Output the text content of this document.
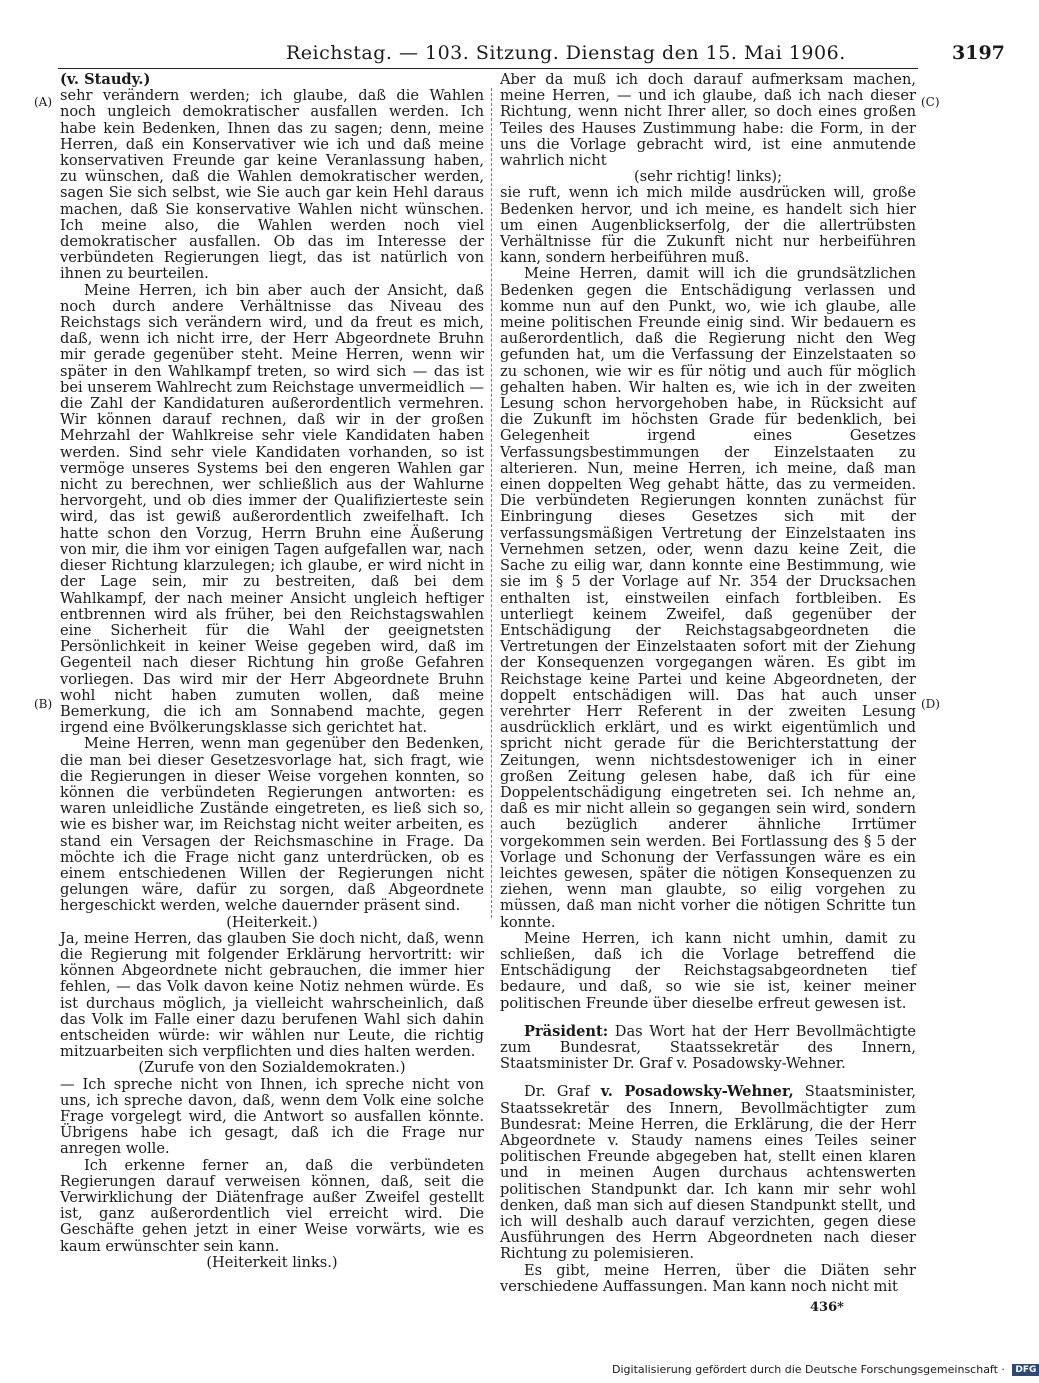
Reichstag. — 103. Sitzung. Dienstag den 15. Mai 1906.	3197
(A)
(B)
(C)
(D)

(v. Staudy.)

sehr verändern werden; ich glaube, daß die Wahlen noch ungleich demokratischer ausfallen werden. Ich habe kein Bedenken, Ihnen das zu sagen; denn, meine Herren, daß ein Konservativer wie ich und daß meine konservativen Freunde gar keine Veranlassung haben, zu wünschen, daß die Wahlen demokratischer werden, sagen Sie sich selbst, wie Sie auch gar kein Hehl daraus machen, daß Sie konservative Wahlen nicht wünschen. Ich meine also, die Wahlen werden noch viel demokratischer ausfallen. Ob das im Interesse der verbündeten Regierungen liegt, das ist natürlich von ihnen zu beurteilen.

Meine Herren, ich bin aber auch der Ansicht, daß noch durch andere Verhältnisse das Niveau des Reichstags sich verändern wird, und da freut es mich, daß, wenn ich nicht irre, der Herr Abgeordnete Bruhn mir gerade gegenüber steht. Meine Herren, wenn wir später in den Wahlkampf treten, so wird sich — das ist bei unserem Wahlrecht zum Reichstage unvermeidlich — die Zahl der Kandidaturen außerordentlich vermehren. Wir können darauf rechnen, daß wir in der großen Mehrzahl der Wahlkreise sehr viele Kandidaten haben werden. Sind sehr viele Kandidaten vorhanden, so ist vermöge unseres Systems bei den engeren Wahlen gar nicht zu berechnen, wer schließlich aus der Wahlurne hervorgeht, und ob dies immer der Qualifizierteste sein wird, das ist gewiß außerordentlich zweifelhaft. Ich hatte schon den Vorzug, Herrn Bruhn eine Äußerung von mir, die ihm vor einigen Tagen aufgefallen war, nach dieser Richtung klarzulegen; ich glaube, er wird nicht in der Lage sein, mir zu bestreiten, daß bei dem Wahlkampf, der nach meiner Ansicht ungleich heftiger entbrennen wird als früher, bei den Reichstagswahlen eine Sicherheit für die Wahl der geeignetsten Persönlichkeit in keiner Weise gegeben wird, daß im Gegenteil nach dieser Richtung hin große Gefahren vorliegen. Das wird mir der Herr Abgeordnete Bruhn wohl nicht haben zumuten wollen, daß meine Bemerkung, die ich am Sonnabend machte, gegen irgend eine Bvölkerungsklasse sich gerichtet hat.

Meine Herren, wenn man gegenüber den Bedenken, die man bei dieser Gesetzesvorlage hat, sich fragt, wie die Regierungen in dieser Weise vorgehen konnten, so können die verbündeten Regierungen antworten: es waren unleidliche Zustände eingetreten, es ließ sich so, wie es bisher war, im Reichstag nicht weiter arbeiten, es stand ein Versagen der Reichsmaschine in Frage. Da möchte ich die Frage nicht ganz unterdrücken, ob es einem entschiedenen Willen der Regierungen nicht gelungen wäre, dafür zu sorgen, daß Abgeordnete hergeschickt werden, welche dauernder präsent sind.

(Heiterkeit.)

Ja, meine Herren, das glauben Sie doch nicht, daß, wenn die Regierung mit folgender Erklärung hervortritt: wir können Abgeordnete nicht gebrauchen, die immer hier fehlen, — das Volk davon keine Notiz nehmen würde. Es ist durchaus möglich, ja vielleicht wahrscheinlich, daß das Volk im Falle einer dazu berufenen Wahl sich dahin entscheiden würde: wir wählen nur Leute, die richtig mitzuarbeiten sich verpflichten und dies halten werden.

(Zurufe von den Sozialdemokraten.)

— Ich spreche nicht von Ihnen, ich spreche nicht von uns, ich spreche davon, daß, wenn dem Volk eine solche Frage vorgelegt wird, die Antwort so ausfallen könnte. Übrigens habe ich gesagt, daß ich die Frage nur anregen wolle.

Ich erkenne ferner an, daß die verbündeten Regierungen darauf verweisen können, daß, seit die Verwirklichung der Diätenfrage außer Zweifel gestellt ist, ganz außerordentlich viel erreicht wird. Die Geschäfte gehen jetzt in einer Weise vorwärts, wie es kaum erwünschter sein kann.

(Heiterkeit links.)

Aber da muß ich doch darauf aufmerksam machen, meine Herren, — und ich glaube, daß ich nach dieser Richtung, wenn nicht Ihrer aller, so doch eines großen Teiles des Hauses Zustimmung habe: die Form, in der uns die Vorlage gebracht wird, ist eine anmutende wahrlich nicht

(sehr richtig! links);

sie ruft, wenn ich mich milde ausdrücken will, große Bedenken hervor, und ich meine, es handelt sich hier um einen Augenblickserfolg, der die allertrübsten Verhältnisse für die Zukunft nicht nur herbeiführen kann, sondern herbeiführen muß.

Meine Herren, damit will ich die grundsätzlichen Bedenken gegen die Entschädigung verlassen und komme nun auf den Punkt, wo, wie ich glaube, alle meine politischen Freunde einig sind. Wir bedauern es außerordentlich, daß die Regierung nicht den Weg gefunden hat, um die Verfassung der Einzelstaaten so zu schonen, wie wir es für nötig und auch für möglich gehalten haben. Wir halten es, wie ich in der zweiten Lesung schon hervorgehoben habe, in Rücksicht auf die Zukunft im höchsten Grade für bedenklich, bei Gelegenheit irgend eines Gesetzes Verfassungsbestimmungen der Einzelstaaten zu alterieren. Nun, meine Herren, ich meine, daß man einen doppelten Weg gehabt hätte, das zu vermeiden. Die verbündeten Regierungen konnten zunächst für Einbringung dieses Gesetzes sich mit der verfassungsmäßigen Vertretung der Einzelstaaten ins Vernehmen setzen, oder, wenn dazu keine Zeit, die Sache zu eilig war, dann konnte eine Bestimmung, wie sie im § 5 der Vorlage auf Nr. 354 der Drucksachen enthalten ist, einstweilen einfach fortbleiben. Es unterliegt keinem Zweifel, daß gegenüber der Entschädigung der Reichstagsabgeordneten die Vertretungen der Einzelstaaten sofort mit der Ziehung der Konsequenzen vorgegangen wären. Es gibt im Reichstage keine Partei und keine Abgeordneten, der doppelt entschädigen will. Das hat auch unser verehrter Herr Referent in der zweiten Lesung ausdrücklich erklärt, und es wirkt eigentümlich und spricht nicht gerade für die Berichterstattung der Zeitungen, wenn nichtsdestoweniger ich in einer großen Zeitung gelesen habe, daß ich für eine Doppelentschädigung eingetreten sei. Ich nehme an, daß es mir nicht allein so gegangen sein wird, sondern auch bezüglich anderer ähnliche Irrtümer vorgekommen sein werden. Bei Fortlassung des § 5 der Vorlage und Schonung der Verfassungen wäre es ein leichtes gewesen, später die nötigen Konsequenzen zu ziehen, wenn man glaubte, so eilig vorgehen zu müssen, daß man nicht vorher die nötigen Schritte tun konnte.

Meine Herren, ich kann nicht umhin, damit zu schließen, daß ich die Vorlage betreffend die Entschädigung der Reichstagsabgeordneten tief bedaure, und daß, so wie sie ist, keiner meiner politischen Freunde über dieselbe erfreut gewesen ist.

Präsident: Das Wort hat der Herr Bevollmächtigte zum Bundesrat, Staatssekretär des Innern, Staatsminister Dr. Graf v. Posadowsky-Wehner.

Dr. Graf v. Posadowsky-Wehner, Staatsminister, Staatssekretär des Innern, Bevollmächtigter zum Bundesrat: Meine Herren, die Erklärung, die der Herr Abgeordnete v. Staudy namens eines Teiles seiner politischen Freunde abgegeben hat, stellt einen klaren und in meinen Augen durchaus achtenswerten politischen Standpunkt dar. Ich kann mir sehr wohl denken, daß man sich auf diesen Standpunkt stellt, und ich will deshalb auch darauf verzichten, gegen diese Ausführungen des Herrn Abgeordneten nach dieser Richtung zu polemisieren.

Es gibt, meine Herren, über die Diäten sehr verschiedene Auffassungen. Man kann noch nicht mit

436*
Digitalisierung gefördert durch die Deutsche Forschungsgemeinschaft · DFG
